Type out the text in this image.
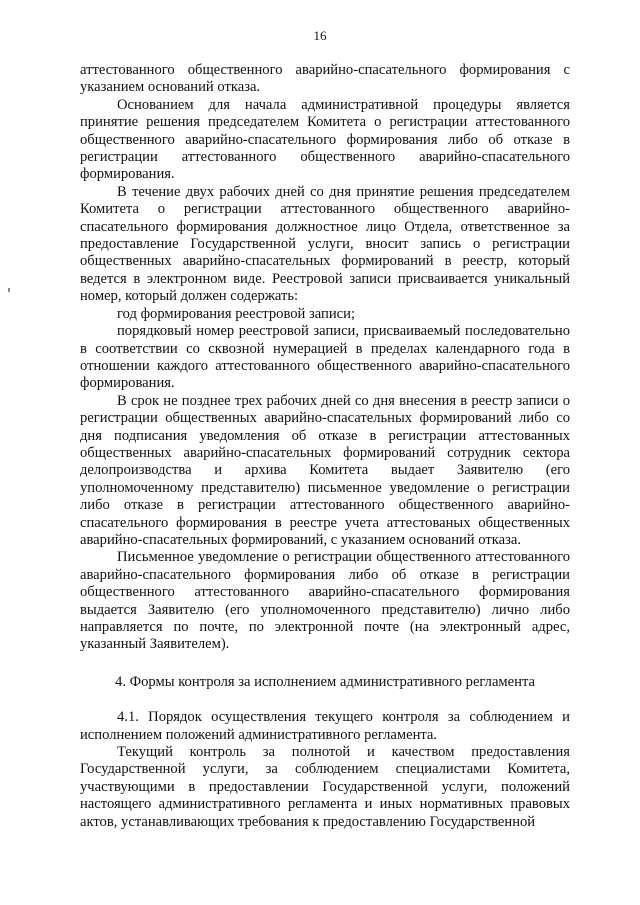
16

аттестованного общественного аварийно-спасательного формирования с указанием оснований отказа.

Основанием для начала административной процедуры является принятие решения председателем Комитета о регистрации аттестованного общественного аварийно-спасательного формирования либо об отказе в регистрации аттестованного общественного аварийно-спасательного формирования.

В течение двух рабочих дней со дня принятие решения председателем Комитета о регистрации аттестованного общественного аварийно-спасательного формирования должностное лицо Отдела, ответственное за предоставление Государственной услуги, вносит запись о регистрации общественных аварийно-спасательных формирований в реестр, который ведется в электронном виде. Реестровой записи присваивается уникальный номер, который должен содержать:

год формирования реестровой записи;

порядковый номер реестровой записи, присваиваемый последовательно в соответствии со сквозной нумерацией в пределах календарного года в отношении каждого аттестованного общественного аварийно-спасательного формирования.

В срок не позднее трех рабочих дней со дня внесения в реестр записи о регистрации общественных аварийно-спасательных формирований либо со дня подписания уведомления об отказе в регистрации аттестованных общественных аварийно-спасательных формирований сотрудник сектора делопроизводства и архива Комитета выдает Заявителю (его уполномоченному представителю) письменное уведомление о регистрации либо отказе в регистрации аттестованного общественного аварийно-спасательного формирования в реестре учета аттестованых общественных аварийно-спасательных формирований, с указанием оснований отказа.

Письменное уведомление о регистрации общественного аттестованного аварийно-спасательного формирования либо об отказе в регистрации общественного аттестованного аварийно-спасательного формирования выдается Заявителю (его уполномоченного представителю) лично либо направляется по почте, по электронной почте (на электронный адрес, указанный Заявителем).

4. Формы контроля за исполнением административного регламента

4.1. Порядок осуществления текущего контроля за соблюдением и исполнением положений административного регламента.

Текущий контроль за полнотой и качеством предоставления Государственной услуги, за соблюдением специалистами Комитета, участвующими в предоставлении Государственной услуги, положений настоящего административного регламента и иных нормативных правовых актов, устанавливающих требования к предоставлению Государственной
